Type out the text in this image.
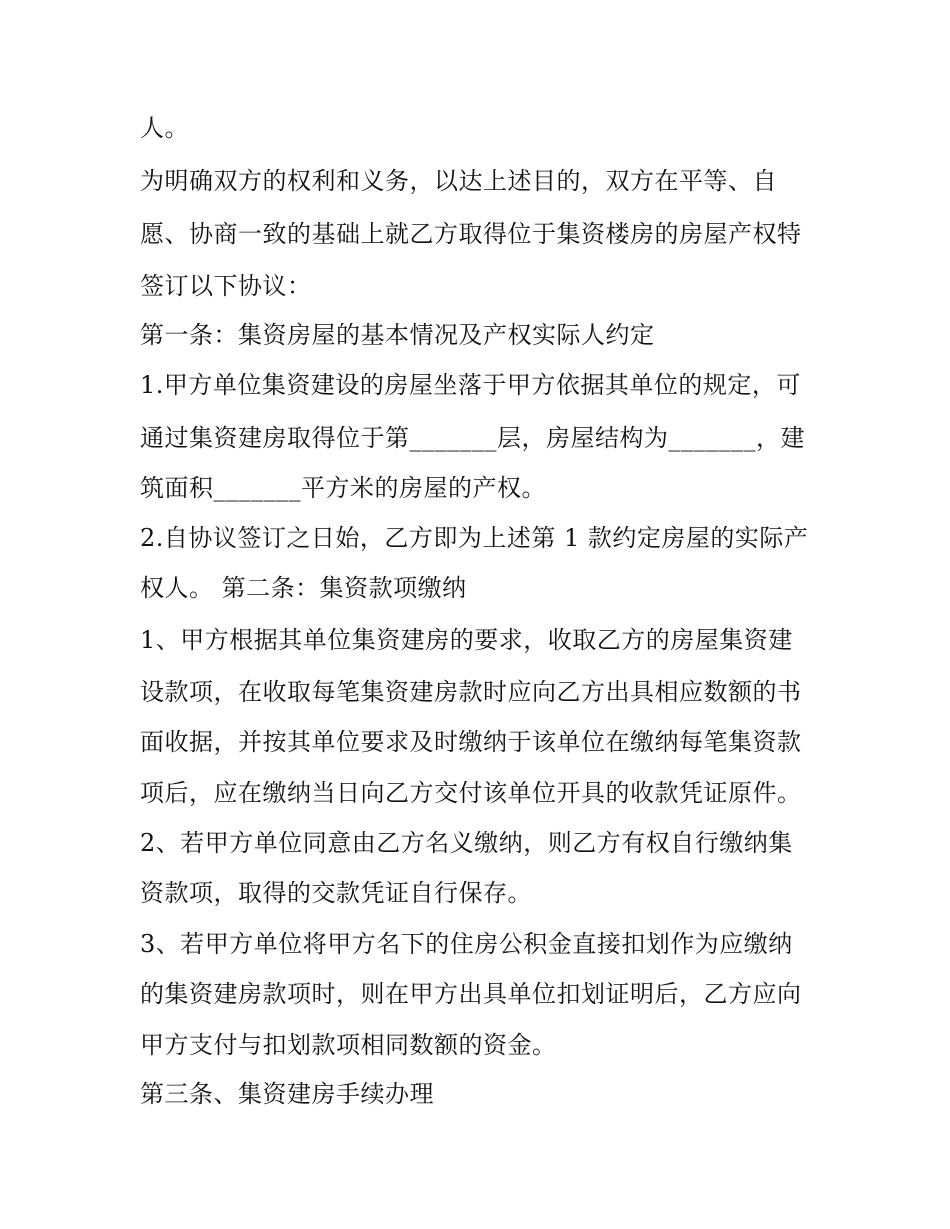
人。
为明确双方的权利和义务，以达上述目的，双方在平等、自
愿、协商一致的基础上就乙方取得位于集资楼房的房屋产权特
签订以下协议：
第一条：集资房屋的基本情况及产权实际人约定
1.甲方单位集资建设的房屋坐落于甲方依据其单位的规定，可
通过集资建房取得位于第_______层，房屋结构为_______，建
筑面积_______平方米的房屋的产权。
2.自协议签订之日始，乙方即为上述第 1 款约定房屋的实际产
权人。 第二条：集资款项缴纳
1、甲方根据其单位集资建房的要求，收取乙方的房屋集资建
设款项，在收取每笔集资建房款时应向乙方出具相应数额的书
面收据，并按其单位要求及时缴纳于该单位在缴纳每笔集资款
项后，应在缴纳当日向乙方交付该单位开具的收款凭证原件。
2、若甲方单位同意由乙方名义缴纳，则乙方有权自行缴纳集
资款项，取得的交款凭证自行保存。
3、若甲方单位将甲方名下的住房公积金直接扣划作为应缴纳
的集资建房款项时，则在甲方出具单位扣划证明后，乙方应向
甲方支付与扣划款项相同数额的资金。
第三条、集资建房手续办理
